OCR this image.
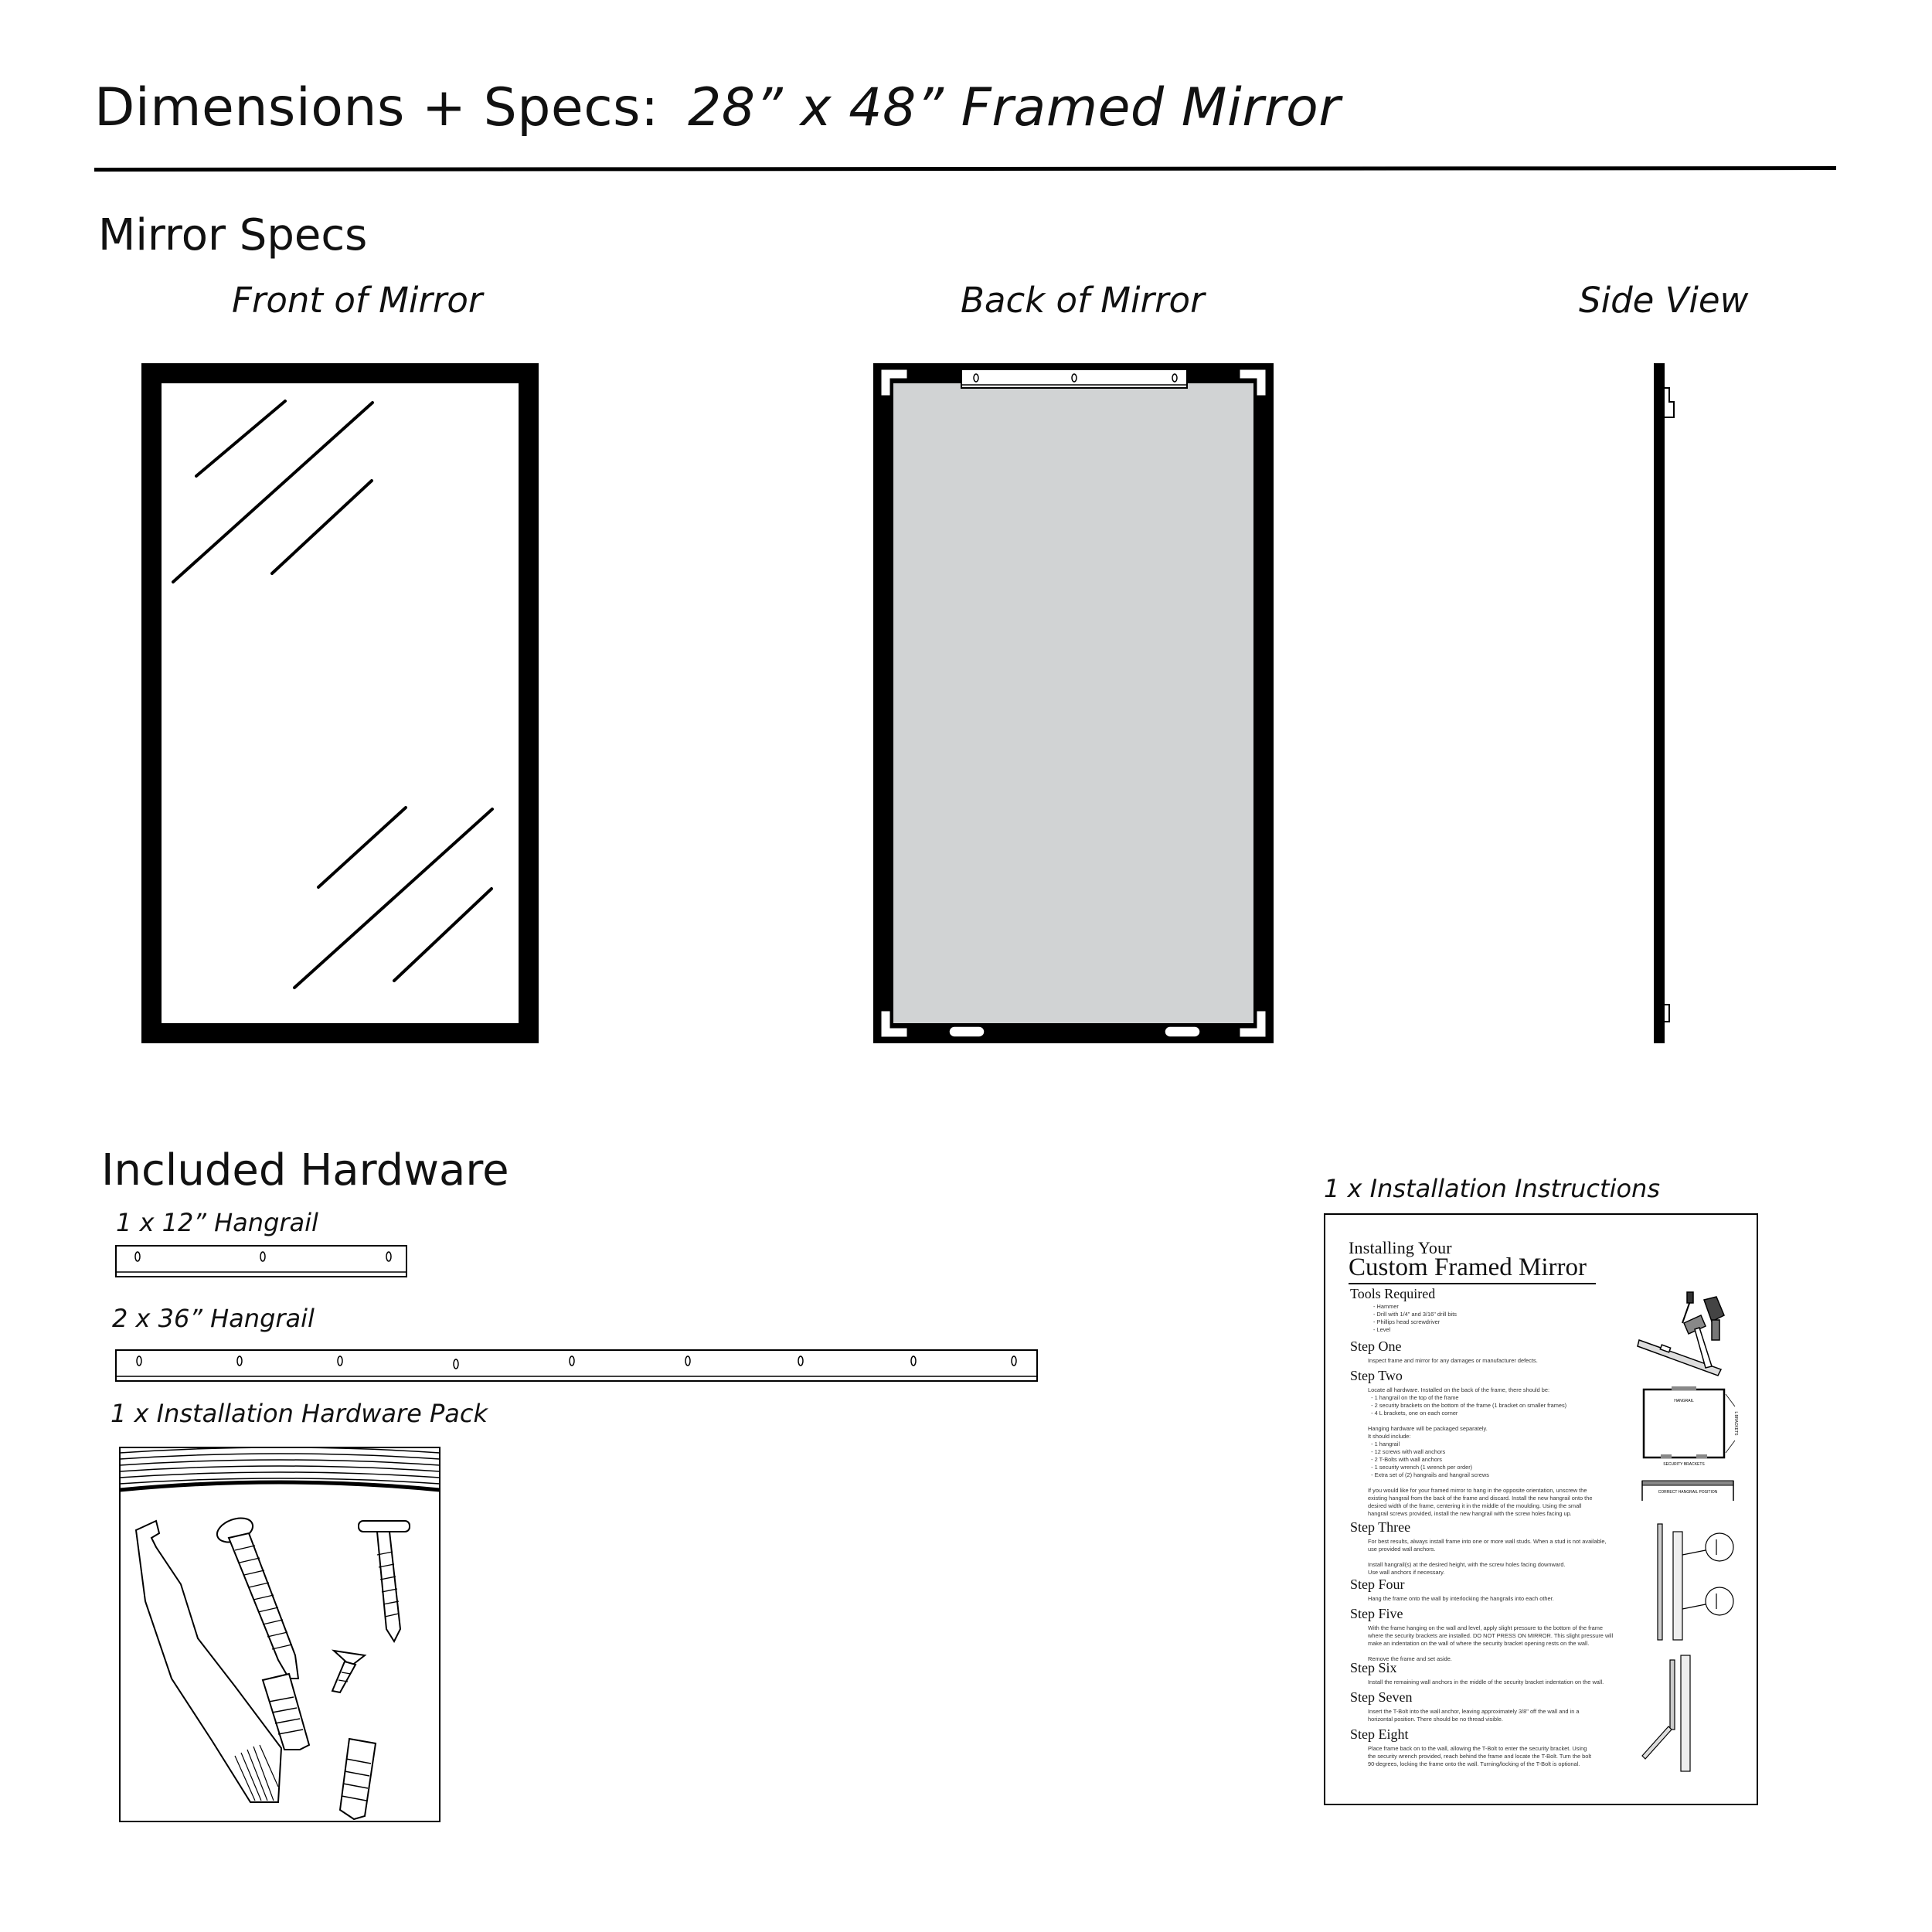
Dimensions + Specs: 28” x 48” Framed Mirror
Mirror Specs
Front of Mirror	Back of Mirror	Side View
Included Hardware
1 x 12” Hangrail
2 x 36” Hangrail
1 x Installation Hardware Pack
1 x Installation Instructions
Installing Your
Custom Framed Mirror
Tools Required
- Hammer
- Drill with 1/4" and 3/16" drill bits
- Phillips head screwdriver
- Level
Step One
Inspect frame and mirror for any damages or manufacturer defects.
Step Two
Locate all hardware. Installed on the back of the frame, there should be:
- 1 hangrail on the top of the frame
- 2 security brackets on the bottom of the frame (1 bracket on smaller frames)
- 4 L brackets, one on each corner

Hanging hardware will be packaged separately.
It should include:
- 1 hangrail
- 12 screws with wall anchors
- 2 T-Bolts with wall anchors
- 1 security wrench (1 wrench per order)
- Extra set of (2) hangrails and hangrail screws

If you would like for your framed mirror to hang in the opposite orientation, unscrew the
existing hangrail from the back of the frame and discard. Install the new hangrail onto the
desired width of the frame, centering it in the middle of the moulding. Using the small
hangrail screws provided, install the new hangrail with the screw holes facing up.
Step Three
For best results, always install frame into one or more wall studs. When a stud is not available,
use provided wall anchors.

Install hangrail(s) at the desired height, with the screw holes facing downward.
Use wall anchors if necessary.
Step Four
Hang the frame onto the wall by interlocking the hangrails into each other.
Step Five
With the frame hanging on the wall and level, apply slight pressure to the bottom of the frame
where the security brackets are installed. DO NOT PRESS ON MIRROR. This slight pressure will
make an indentation on the wall of where the security bracket opening rests on the wall.

Remove the frame and set aside.
Step Six
Install the remaining wall anchors in the middle of the security bracket indentation on the wall.
Step Seven
Insert the T-Bolt into the wall anchor, leaving approximately 3/8" off the wall and in a
horizontal position. There should be no thread visible.
Step Eight
Place frame back on to the wall, allowing the T-Bolt to enter the security bracket. Using
the security wrench provided, reach behind the frame and locate the T-Bolt. Turn the bolt
90-degrees, locking the frame onto the wall. Turning/locking of the T-Bolt is optional.
HANGRAIL
SECURITY BRACKETS
L BRACKETS
CORRECT HANGRAIL POSITION
